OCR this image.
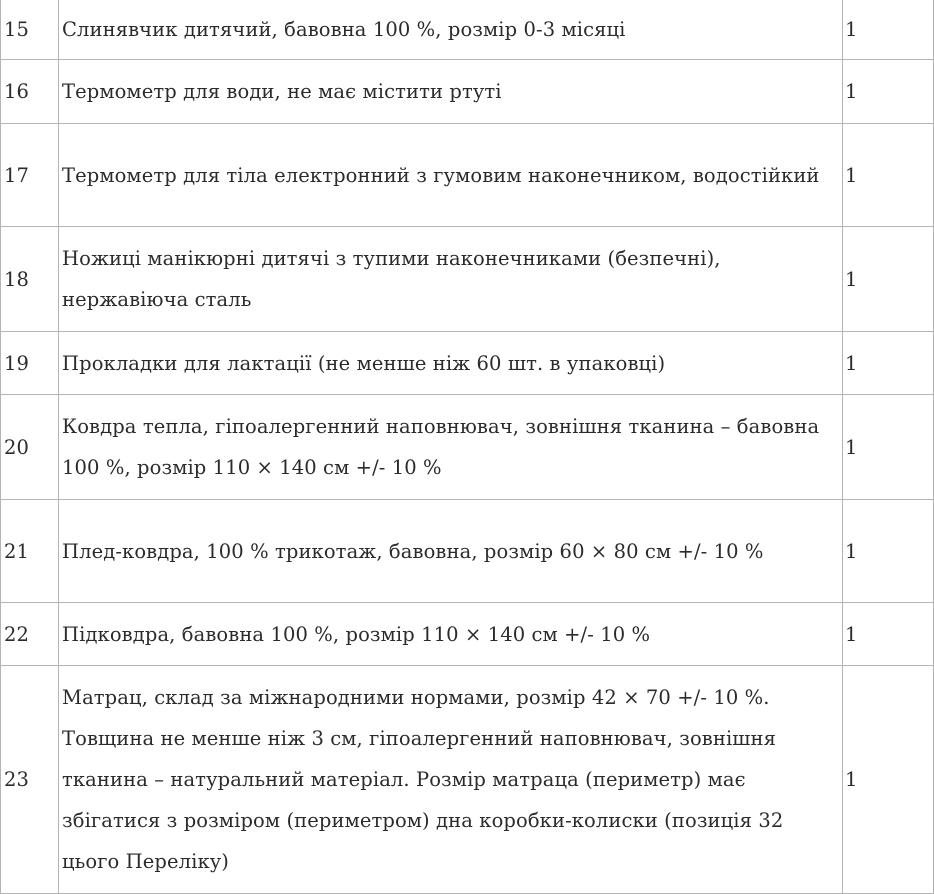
15	Слинявчик дитячий, бавовна 100 %, розмір 0-3 місяці	1
16	Термометр для води, не має містити ртуті	1
17	Термометр для тіла електронний з гумовим наконечником, водостійкий	1
18	Ножиці манікюрні дитячі з тупими наконечниками (безпечні), нержавіюча сталь	1
19	Прокладки для лактації (не менше ніж 60 шт. в упаковці)	1
20	Ковдра тепла, гіпоалергенний наповнювач, зовнішня тканина – бавовна 100 %, розмір 110 × 140 см +/- 10 %	1
21	Плед-ковдра, 100 % трикотаж, бавовна, розмір 60 × 80 см +/- 10 %	1
22	Підковдра, бавовна 100 %, розмір 110 × 140 см +/- 10 %	1
23	Матрац, склад за міжнародними нормами, розмір 42 × 70 +/- 10 %. Товщина не менше ніж 3 см, гіпоалергенний наповнювач, зовнішня тканина – натуральний матеріал. Розмір матраца (периметр) має збігатися з розміром (периметром) дна коробки-колиски (позиція 32 цього Переліку)	1
